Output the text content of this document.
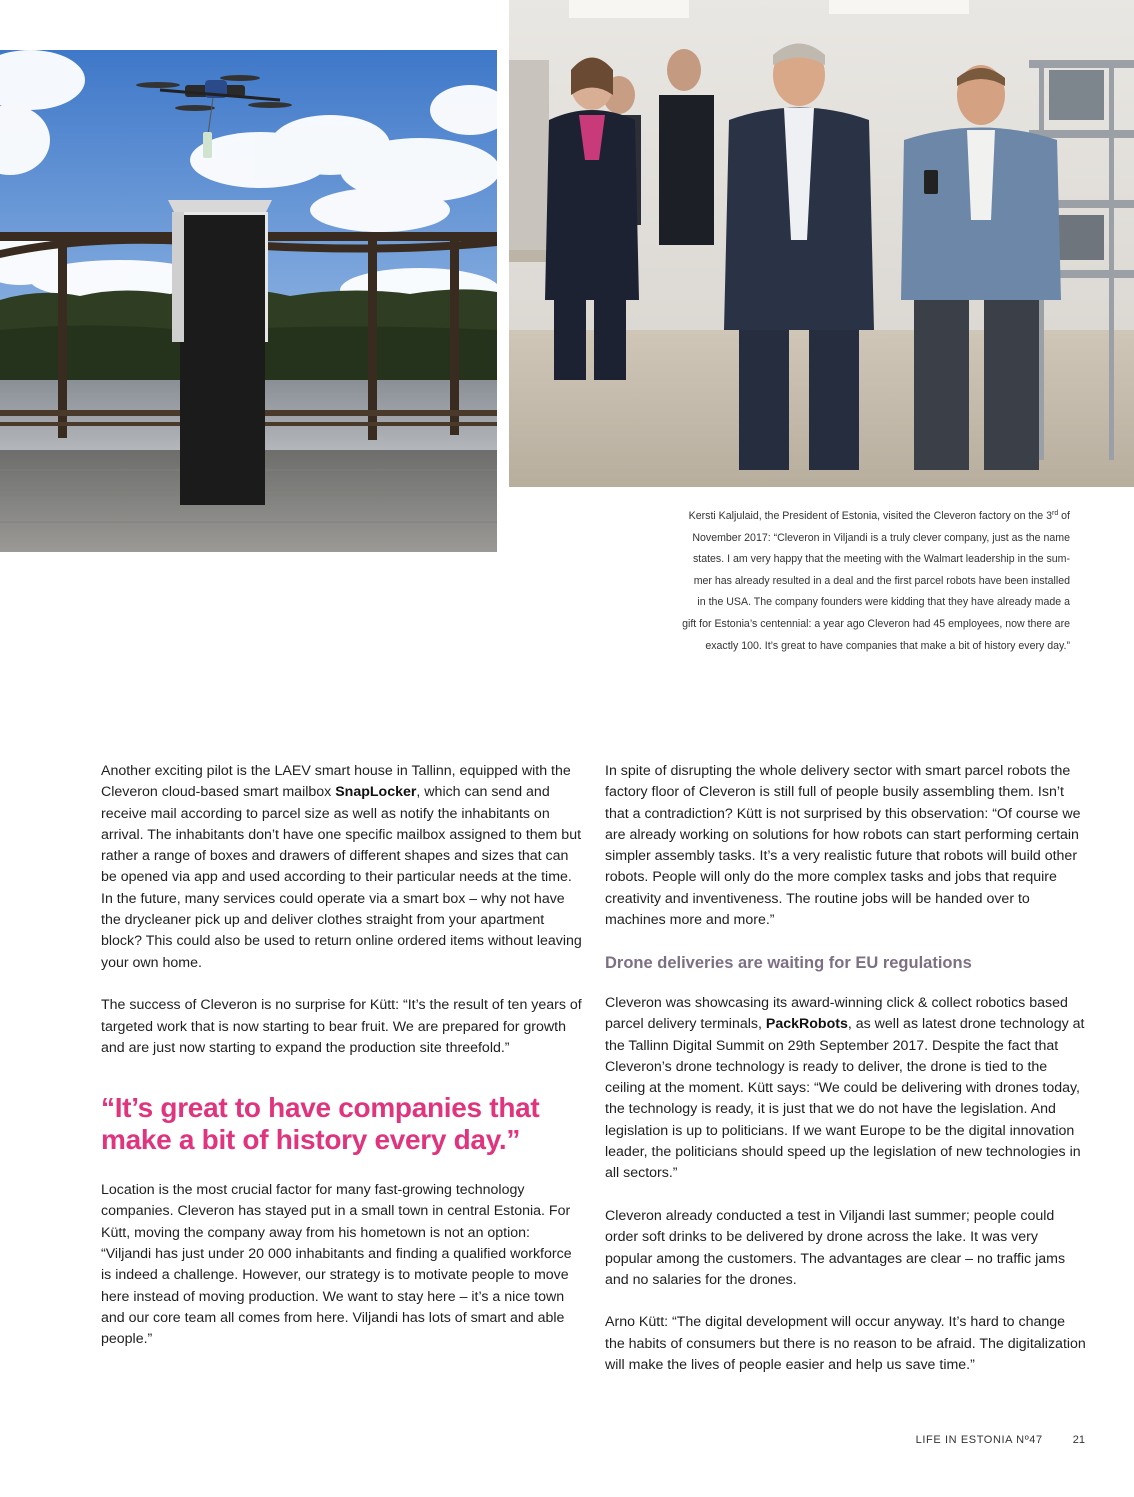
Kersti Kaljulaid, the President of Estonia, visited the Cleveron factory on the 3rd of
November 2017: “Cleveron in Viljandi is a truly clever company, just as the name
states. I am very happy that the meeting with the Walmart leadership in the sum-
mer has already resulted in a deal and the first parcel robots have been installed
in the USA. The company founders were kidding that they have already made a
gift for Estonia’s centennial: a year ago Cleveron had 45 employees, now there are
exactly 100. It’s great to have companies that make a bit of history every day.”

Another exciting pilot is the LAEV smart house in Tallinn, equipped with the Cleveron cloud-based smart mailbox SnapLocker, which can send and receive mail according to parcel size as well as notify the inhabitants on arrival. The inhabitants don’t have one specific mailbox assigned to them but rather a range of boxes and drawers of different shapes and sizes that can be opened via app and used according to their particular needs at the time. In the future, many services could operate via a smart box – why not have the drycleaner pick up and deliver clothes straight from your apartment block? This could also be used to return online ordered items without leaving your own home.

The success of Cleveron is no surprise for Kütt: “It’s the result of ten years of targeted work that is now starting to bear fruit. We are prepared for growth and are just now starting to expand the production site threefold.”

“It’s great to have companies that make a bit of history every day.”

Location is the most crucial factor for many fast-growing technology companies. Cleveron has stayed put in a small town in central Estonia. For Kütt, moving the company away from his hometown is not an option: “Viljandi has just under 20 000 inhabitants and finding a qualified workforce is indeed a challenge. However, our strategy is to motivate people to move here instead of moving production. We want to stay here – it’s a nice town and our core team all comes from here. Viljandi has lots of smart and able people.”

In spite of disrupting the whole delivery sector with smart parcel robots the factory floor of Cleveron is still full of people busily assembling them. Isn’t that a contradiction? Kütt is not surprised by this observation: “Of course we are already working on solutions for how robots can start performing certain simpler assembly tasks. It’s a very realistic future that robots will build other robots. People will only do the more complex tasks and jobs that require creativity and inventiveness. The routine jobs will be handed over to machines more and more.”

Drone deliveries are waiting for EU regulations

Cleveron was showcasing its award-winning click & collect robotics based parcel delivery terminals, PackRobots, as well as latest drone technology at the Tallinn Digital Summit on 29th September 2017. Despite the fact that Cleveron’s drone technology is ready to deliver, the drone is tied to the ceiling at the moment. Kütt says: “We could be delivering with drones today, the technology is ready, it is just that we do not have the legislation. And legislation is up to politicians. If we want Europe to be the digital innovation leader, the politicians should speed up the legislation of new technologies in all sectors.”

Cleveron already conducted a test in Viljandi last summer; people could order soft drinks to be delivered by drone across the lake. It was very popular among the customers. The advantages are clear – no traffic jams and no salaries for the drones.

Arno Kütt: “The digital development will occur anyway. It’s hard to change the habits of consumers but there is no reason to be afraid. The digitalization will make the lives of people easier and help us save time.”

LIFE IN ESTONIA Nº47	21
